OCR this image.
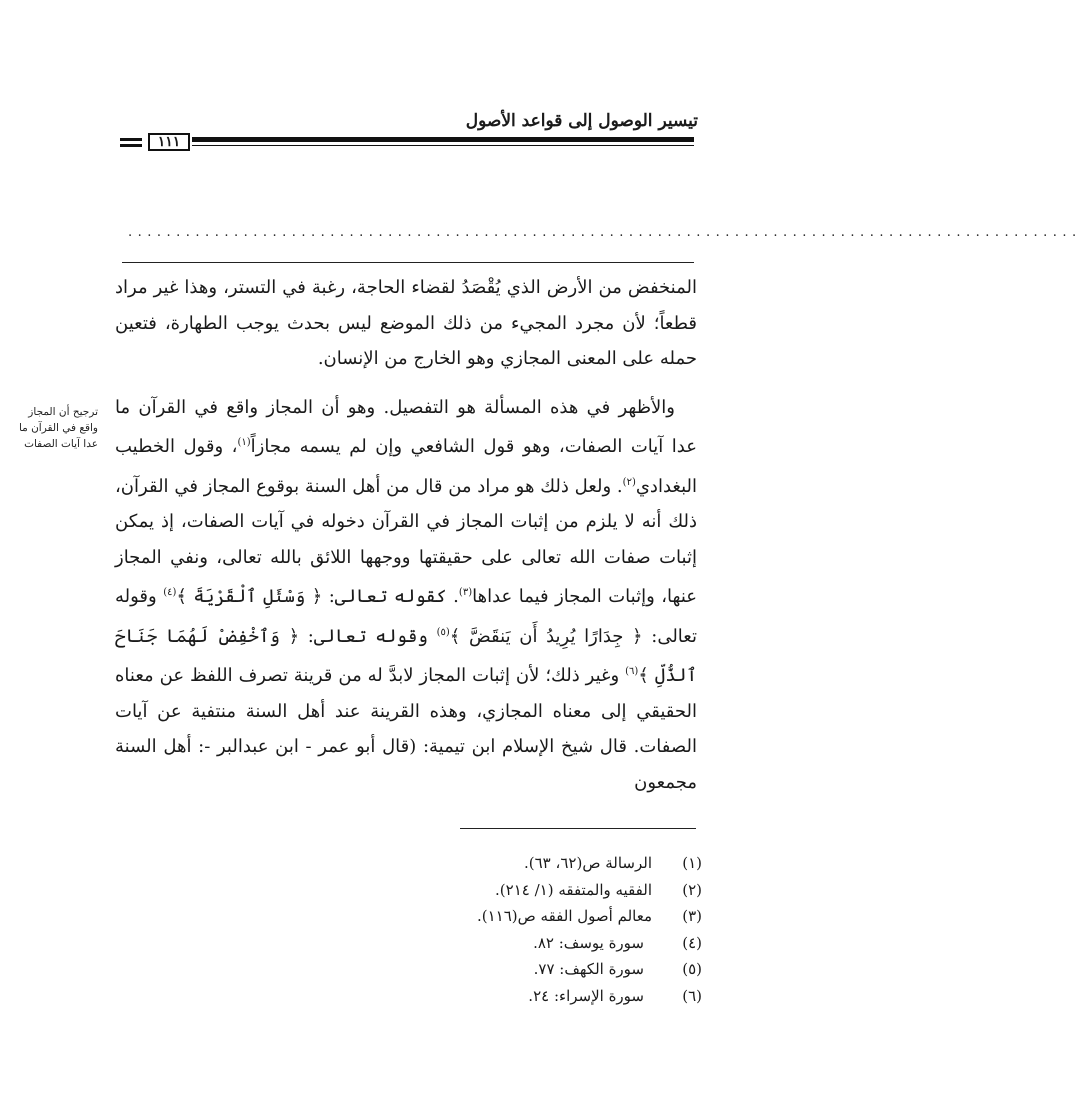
تيسير الوصول إلى قواعد الأصول
١١١
...................................................................................................

المنخفض من الأرض الذي يُقْصَدُ لقضاء الحاجة، رغبة في التستر، وهذا غير مراد قطعاً؛ لأن مجرد المجيء من ذلك الموضع ليس بحدث يوجب الطهارة، فتعين حمله على المعنى المجازي وهو الخارج من الإنسان.

والأظهر في هذه المسألة هو التفصيل. وهو أن المجاز واقع في القرآن ما عدا آيات الصفات، وهو قول الشافعي وإن لم يسمه مجازاً$^{(١)}$، وقول الخطيب البغدادي$^{(٢)}$. ولعل ذلك هو مراد من قال من أهل السنة بوقوع المجاز في القرآن، ذلك أنه لا يلزم من إثبات المجاز في القرآن دخوله في آيات الصفات، إذ يمكن إثبات صفات الله تعالى على حقيقتها ووجهها اللائق بالله تعالى، ونفي المجاز عنها، وإثبات المجاز فيما عداها$^{(٣)}$. كقوله تعالى: ﴿ وَسْئَلِ ٱلْقَرْيَةَ ﴾$^{(٤)}$ وقوله تعالى: ﴿ جِدَارًا يُرِيدُ أَن يَنقَضَّ ﴾$^{(٥)}$ وقوله تعالى: ﴿ وَٱخْفِضْ لَهُمَا جَنَاحَ ٱلذُّلِّ ﴾$^{(٦)}$ وغير ذلك؛ لأن إثبات المجاز لابدَّ له من قرينة تصرف اللفظ عن معناه الحقيقي إلى معناه المجازي، وهذه القرينة عند أهل السنة منتفية عن آيات الصفات. قال شيخ الإسلام ابن تيمية: (قال أبو عمر - ابن عبدالبر -: أهل السنة مجمعون

ترجيح أن المجاز واقع في القرآن ما عدا آيات الصفات
(١)
الرسالة ص(٦٢، ٦٣).
(٢)
الفقيه والمتفقه (١/ ٢١٤).
(٣)
معالم أصول الفقه ص(١١٦).
(٤)
سورة يوسف: ٨٢.
(٥)
سورة الكهف: ٧٧.
(٦)
سورة الإسراء: ٢٤.
